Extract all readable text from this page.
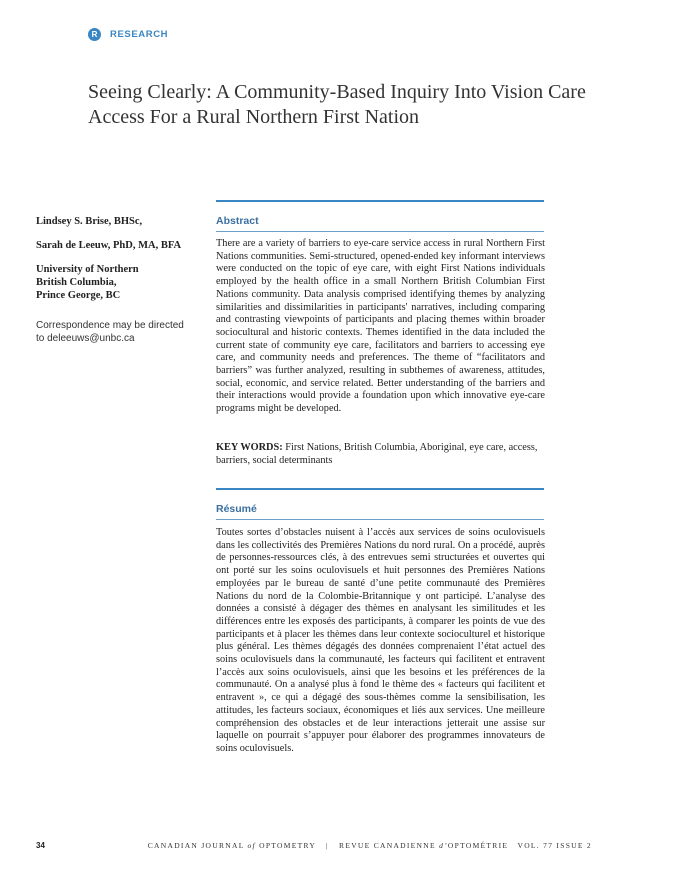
R	RESEARCH
Seeing Clearly: A Community-Based Inquiry Into Vision Care Access For a Rural Northern First Nation
Lindsey S. Brise, BHSc,
Sarah de Leeuw, PhD, MA, BFA
University of Northern
British Columbia,
Prince George, BC
Correspondence may be directed
to deleeuws@unbc.ca
Abstract

There are a variety of barriers to eye-care service access in rural Northern First Nations communities. Semi-structured, opened-ended key informant interviews were conducted on the topic of eye care, with eight First Nations individuals employed by the health office in a small Northern British Columbian First Nations community. Data analysis comprised identifying themes by analyzing similarities and dissimilarities in participants' narratives, including comparing and contrasting viewpoints of participants and placing themes within broader sociocultural and historic contexts. Themes identified in the data included the current state of community eye care, facilitators and barriers to accessing eye care, and community needs and preferences. The theme of “facilitators and barriers” was further analyzed, resulting in subthemes of awareness, attitudes, social, economic, and service related. Better understanding of the barriers and their interactions would provide a foundation upon which innovative eye-care programs might be developed.

KEY WORDS: First Nations, British Columbia, Aboriginal, eye care, access, barriers, social determinants
Résumé

Toutes sortes d’obstacles nuisent à l’accès aux services de soins oculovisuels dans les collectivités des Premières Nations du nord rural. On a procédé, auprès de personnes-ressources clés, à des entrevues semi structurées et ouvertes qui ont porté sur les soins oculovisuels et huit personnes des Premières Nations employées par le bureau de santé d’une petite communauté des Premières Nations du nord de la Colombie-Britannique y ont participé. L’analyse des données a consisté à dégager des thèmes en analysant les similitudes et les différences entre les exposés des participants, à comparer les points de vue des participants et à placer les thèmes dans leur contexte socioculturel et historique plus général. Les thèmes dégagés des données comprenaient l’état actuel des soins oculovisuels dans la communauté, les facteurs qui facilitent et entravent l’accès aux soins oculovisuels, ainsi que les besoins et les préférences de la communauté. On a analysé plus à fond le thème des « facteurs qui facilitent et entravent », ce qui a dégagé des sous-thèmes comme la sensibilisation, les attitudes, les facteurs sociaux, économiques et liés aux services. Une meilleure compréhension des obstacles et de leur interactions jetterait une assise sur laquelle on pourrait s’appuyer pour élaborer des programmes innovateurs de soins oculovisuels.

34	CANADIAN JOURNAL of OPTOMETRY | REVUE CANADIENNE d’OPTOMÉTRIE VOL. 77 ISSUE 2
